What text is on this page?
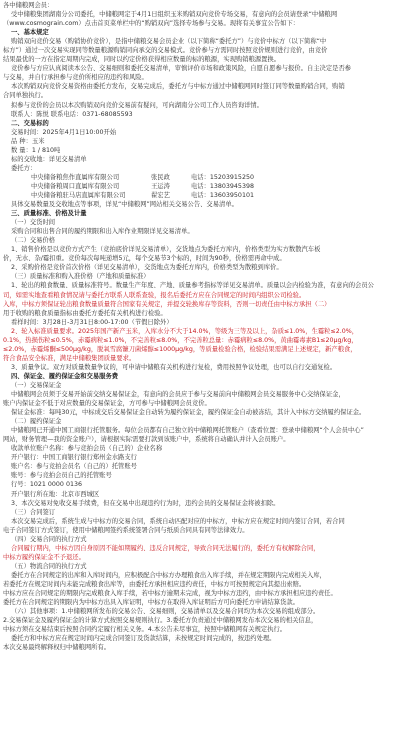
各中储粮网会员：
受中储粮集团湖南分公司委托，中储粮网定于4月1日组织玉米购销双向竞价专场交易，有意向的会员请登录“中储粮网
（www.cosmograin.com）点击首页菜单栏中的“购销双向”选择专场参与交易。现将有关事宜公告如下：
一、基本规定
购销双向竞价交易（购销协价竞价），是指中储粮交易会员企业（以下简称“委托方”）与竞价中标方（以下简称“中
标方”）通过一次交易实现同等数量粮源购销同向承交的交易模式。竞价参与方需同时按照竞价规则进行竞价，由竞价
结果最优的一方在指定周期内完成，同时以约定价格获得相应数量的标的粮源，实现购销粮源置换。
竞价参与方应认真阅读本公告、交易细则和委托交易清单，审慎评价市场和政策风险，自愿自愿参与报价。自主决定是否参
与交易，并自行承担参与竞价所相应的违约和风险。
本次购销双向竞价交易资格由委托方发布，交易完成后，委托方与中标方通过中储粮网同时签订同等数量购销合同，购销
合同单独执行。
拟参与竞价的会员以本次购销双向竞价交易前有疑问，可向湖南分公司工作人员咨询详情。
联系人：陈悦 联系电话：0371-68085593
二、交易标的
交易时间：2025年4月1日10:00开始
品 种：玉米
数 量：1 / 810吨
标的交收地：详见交易清单
委托方：
中央储备粮焦作直属库有限公司	张民政	电话：15203915250
中央储备粮周口直属库有限公司	王运涛	电话：13803945398
中央储备粮驻马店直属库有限公司	翟宏艺	电话：13603950101
具体交易数量及交收地点等事项，详见“中储粮网”网站相关交易公告、交易清单。
三、质量标准、价格及计量
（一）交货时间
采购合同和出售合同的履约期限和出入库作业期限详见交易清单。
（二）交易价格
1、销售价格是以竞价方式产生（竞拍底价详见交易清单），交货地点为委托方库内，价格类型为实方数散汽车板
价，无水、杂/霉扣重。竞价每次每吨递增5元，每个交易节3个标的，时间为90秒，价格需再命中成。
2、采购价格是竞价首次价格（详见交易清单），交货地点为委托方库内，价格类型为散粮到库价。
（三）质量标准和购入准价格（产地和质量标准）
1、轮出的粮食数量、质量标准符号。数量生产年度、产地、质量参考指标等详见交易清单。质量以会内检验为准，有意向的会员公
司，如需实地查看粮食情况请与委托方联系人联系查验，报名后委托方应在合同规定的时间内组织公司检验。
入库，中标方须保证轮出粮食数量质量符合国家有关规定，并提交轮换库存等资料，否则一切责任由中标方承担（二）
用于收购的粮食质量指标由委托方委托有关机构进行检验。
看样时间：3月28日-3月31日8:00-17:00（节假日除外）
2、轮入标准质量要求。2025年国产新产玉米，入库水分不大于14.0%，等级为三等及以上，杂质≤1.0%，生霉粒≤2.0%，
0.1%，热损伤粒≤0.5%，赤霉病粒≤1.0%，不完善粒≤8.0%，不完善粒总量：赤霉病粒≤8.0%，黄曲霉毒素B1≤20μg/kg，
≤2.0%，赤霉烯酮≤500μg/kg，脱氧雪腐镰刀菌烯醇≤1000μg/kg，等质量检验合格，检验结果需满足上述规定，新产粮食，
符合食品安全标准，满足中储粮集团质量要求。
3、质量争议。双方对质量数量争议的，可申请中储粮有关机构进行复检，费用按照争议处理，也可以自行交通复检。
四、保证金、履约保证金和交易服务费
（一）交易保证金
中储粮网会员须于交易开始前交纳交易保证金，有意向的会员应于参与交易前向中储粮网会员交易服务中心交纳保证金，
账户内保证金不低于对应数量的交易保证金，方可参与中储粮网会员竞价。
保证金标准：每吨30元，中标成交后交易保证金自动转为履约保证金，履约保证金自动被冻结，其计入中标方交纳履约保证金。
（二）履约保证金
中储粮网已开通中国工商银行托管服务。每位会员都有自己独立的中储粮网托管账户（查看位置：登录中储粮网“个人会员中心”
网站，财务管理—我的资金账户），请根据实际需要打款到该账户中，系统将自动确认并计入会员账户。
收款单位账户名称：参与竞拍会员（自己的）企业名称
开户银行：中国工商银行银行郑州金水路支行
账户名：参与竞拍会员名（自己的）托管账号
账号：参与竞拍会员自己的托管账号
行号：1021 0000 0136
开户银行所在地：北京市西城区
3、本次交易对免收交易手续费，但在交易中出现违约行为时，违约会员的交易保证金将被扣除。
（三）合同签订
本次交易完成后，系统生成与中标方的交易合同，系统自动匹配对应的中标方，中标方应在规定时间内签订合同，若合同
电子合同签订方式签订，使用中储粮网签约系统签署合同与纸质合同具有同等法律效力。
（四）交易合同的执行方式
合同履行期内，中标方因自身原因不能如期履约、违反合同规定，导致合同无法履行的，委托方有权解除合同，
中标方履约保证金不予退还。
（五）物流合同的执行方式
委托方在合同规定的出库和入库时间内，应积极配合中标方办理粮食出入库手续，并在规定期限内完成相关入库，
若委托方在规定时间内未能完成粮食出库等，由委托方承担相应违约责任，中标方可按照规定向其提出索赔。
中标方应在合同规定的期限内完成粮食入库手续，若中标方逾期未完成，视为中标方违约，由中标方承担相应违约责任。
委托方在合同规定的期限内为中标方出具入库证明，中标方在取得入库证明后方可向委托方申请结算货款。
（六）其他事项：1.中储粮网所发布的交易公告、交易细则，交易清单以及交易合同均为本次交易的组成部分。
2.交易保证金及履约保证金的计算方式按照交易规则执行。3.委托方负责通过中储粮网发布本次交易的相关信息，
中标方须在交易结束后按照合同约定履行相关义务。4.本公告未尽事宜，按照中储粮网有关规定执行。
委托方和中标方应在规定时间内完成合同签订及货款结算，未按规定时间完成的，按违约处理。
本次交易最终解释权归中储粮网所有。
